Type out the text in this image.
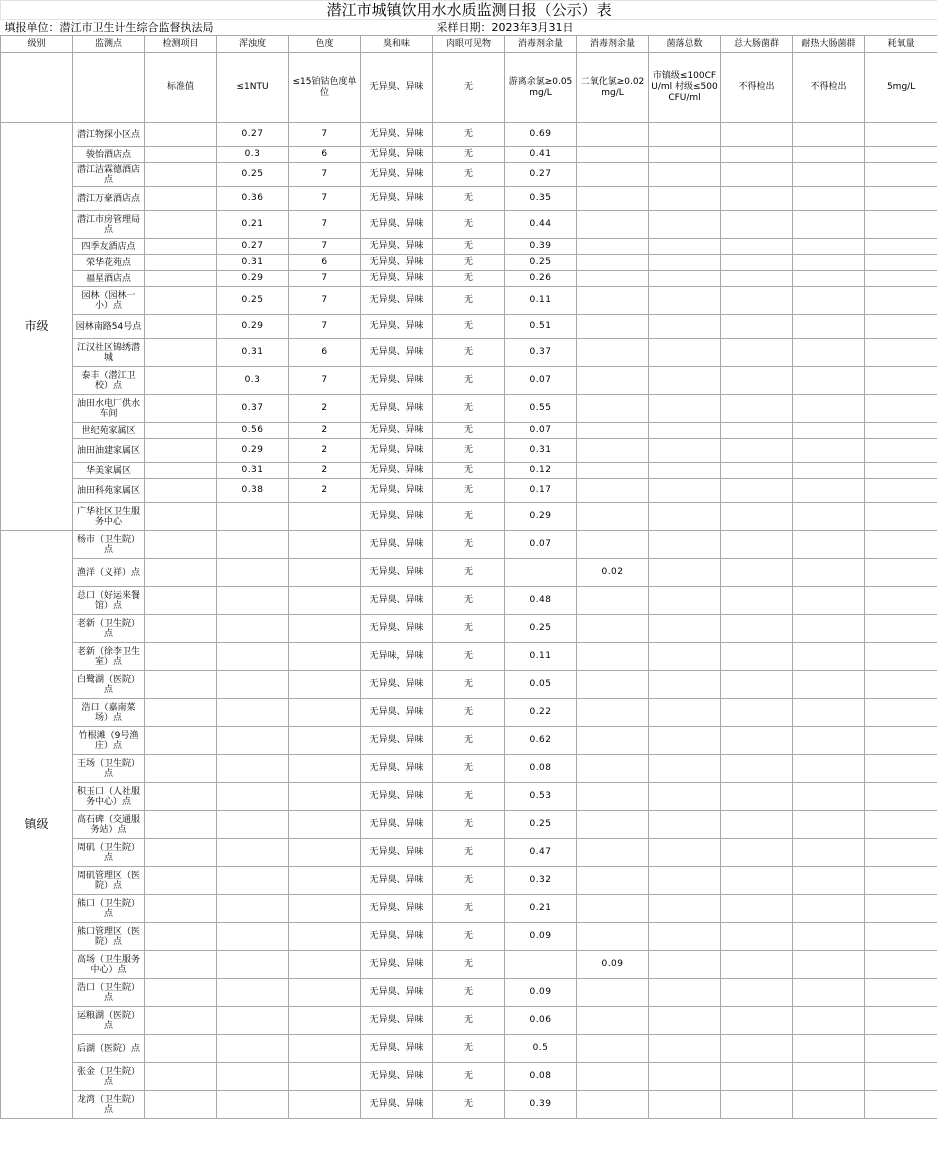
潜江市城镇饮用水水质监测日报（公示）表												
填报单位：潜江市卫生计生综合监督执法局						采样日期：2023年3月31日						
级别	监测点	检测项目	浑浊度	色度	臭和味	肉眼可见物	消毒剂余量	消毒剂余量	菌落总数	总大肠菌群	耐热大肠菌群	耗氧量
		标准值	≤1NTU	≤15铂钴色度单位	无异臭、异味	无	游离余氯≥0.05mg/L	二氧化氯≥0.02mg/L	市镇级≤100CFU/ml 村级≤500CFU/ml	不得检出	不得检出	5mg/L
市级	潜江物探小区点		0.27	7	无异臭、异味	无	0.69					
	骏怡酒店点		0.3	6	无异臭、异味	无	0.41					
	潜江洁霖德酒店点		0.25	7	无异臭、异味	无	0.27					
	潜江万豪酒店点		0.36	7	无异臭、异味	无	0.35					
	潜江市房管理局点		0.21	7	无异臭、异味	无	0.44					
	四季友酒店点		0.27	7	无异臭、异味	无	0.39					
	荣华花苑点		0.31	6	无异臭、异味	无	0.25					
	福星酒店点		0.29	7	无异臭、异味	无	0.26					
	园林（园林一小）点		0.25	7	无异臭、异味	无	0.11					
	园林南路54号点		0.29	7	无异臭、异味	无	0.51					
	江汉社区锦绣潜城		0.31	6	无异臭、异味	无	0.37					
	泰丰（潜江卫校）点		0.3	7	无异臭、异味	无	0.07					
	油田水电厂供水车间		0.37	2	无异臭、异味	无	0.55					
	世纪苑家属区		0.56	2	无异臭、异味	无	0.07					
	油田油建家属区		0.29	2	无异臭、异味	无	0.31					
	华美家属区		0.31	2	无异臭、异味	无	0.12					
	油田科苑家属区		0.38	2	无异臭、异味	无	0.17					
	广华社区卫生服务中心				无异臭、异味	无	0.29					
镇级	杨市（卫生院）点				无异臭、异味	无	0.07					
	渔洋（义祥）点				无异臭、异味	无		0.02				
	总口（好运来餐馆）点				无异臭、异味	无	0.48					
	老新（卫生院）点				无异臭、异味	无	0.25					
	老新（徐李卫生室）点				无异味，异味	无	0.11					
	白鹭湖（医院）点				无异臭、异味	无	0.05					
	浩口（嘉南菜场）点				无异臭、异味	无	0.22					
	竹根滩（9号渔庄）点				无异臭、异味	无	0.62					
	王场（卫生院）点				无异臭、异味	无	0.08					
	积玉口（人社服务中心）点				无异臭、异味	无	0.53					
	高石碑（交通服务站）点				无异臭、异味	无	0.25					
	周矶（卫生院）点				无异臭、异味	无	0.47					
	周矶管理区（医院）点				无异臭、异味	无	0.32					
	熊口（卫生院）点				无异臭、异味	无	0.21					
	熊口管理区（医院）点				无异臭、异味	无	0.09					
	高场（卫生服务中心）点				无异臭、异味	无		0.09				
	浩口（卫生院）点				无异臭、异味	无	0.09					
	运粮湖（医院）点				无异臭、异味	无	0.06					
	后湖（医院）点				无异臭、异味	无	0.5					
	张金（卫生院）点				无异臭、异味	无	0.08					
	龙湾（卫生院）点				无异臭、异味	无	0.39					
